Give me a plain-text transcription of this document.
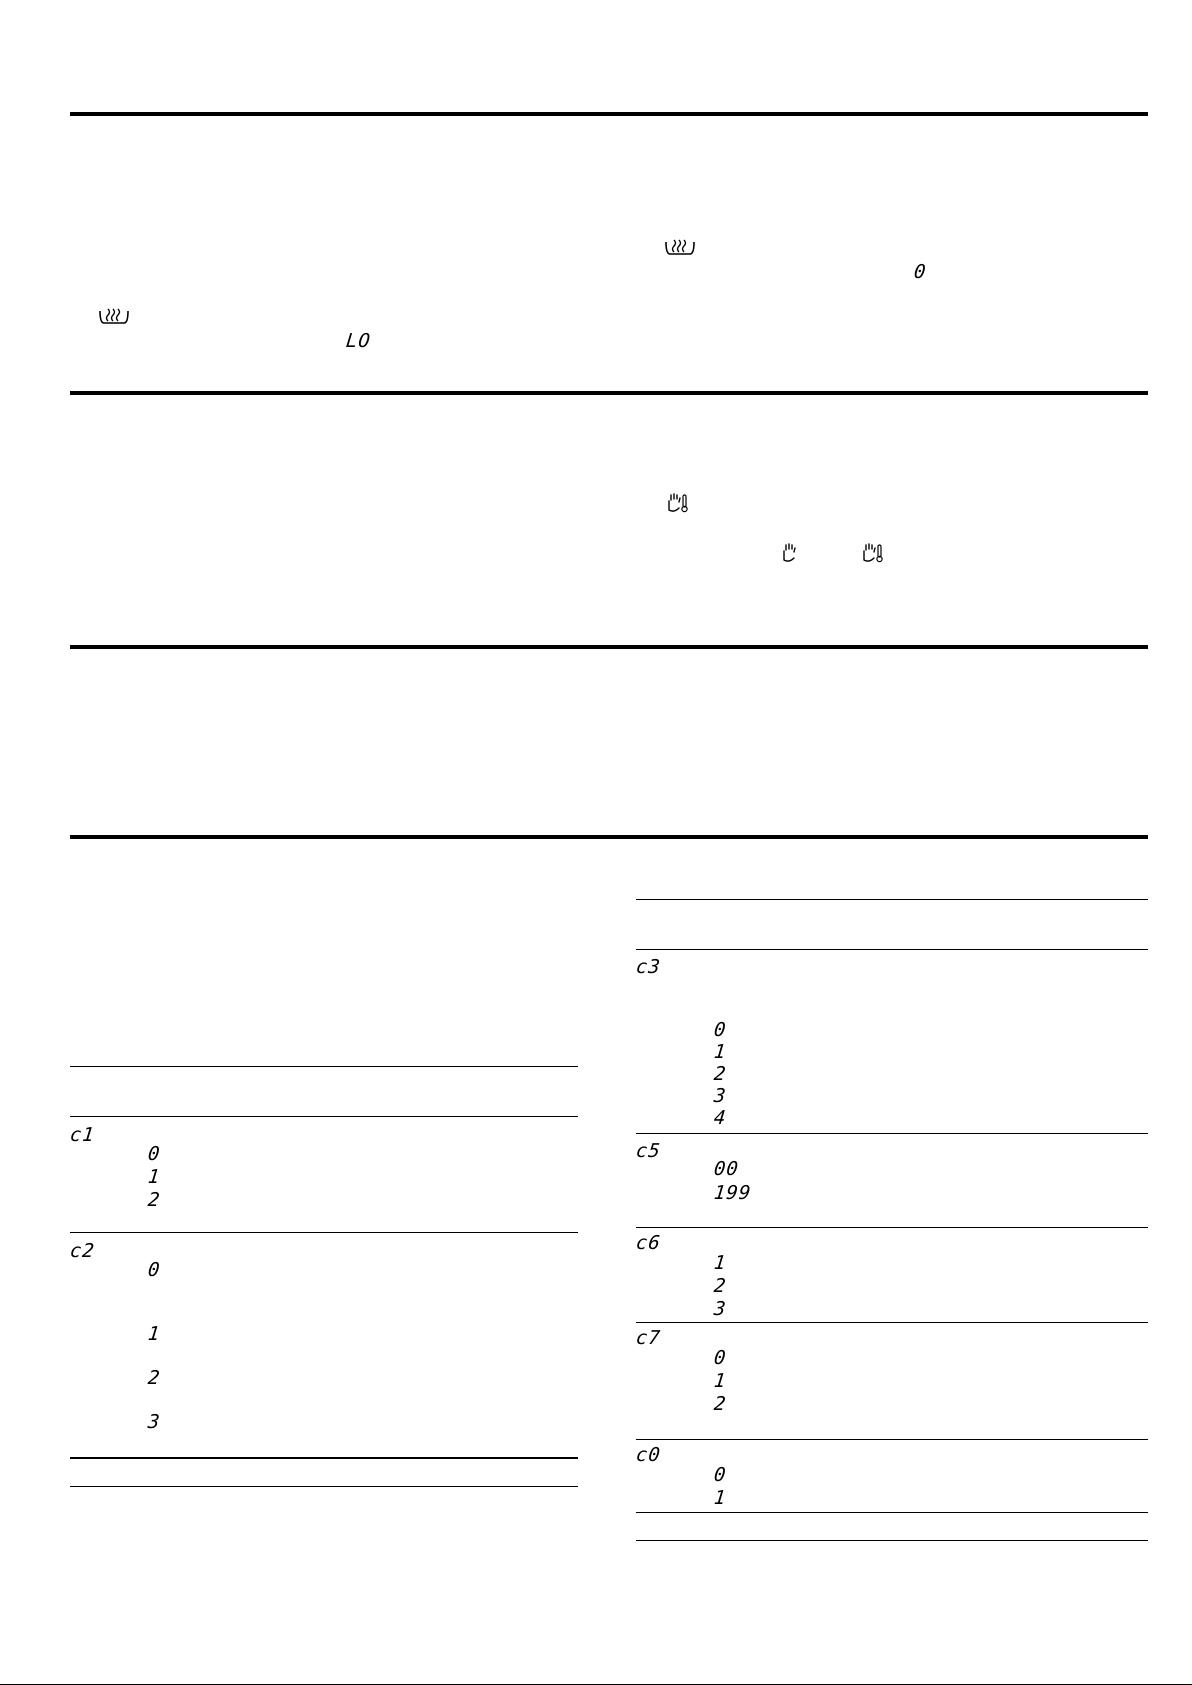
LO
0
c1
0
1
2
c2
0
1
2
3
c3
0
1
2
3
4
c5
00
199
c6
1
2
3
c7
0
1
2
c0
0
1
